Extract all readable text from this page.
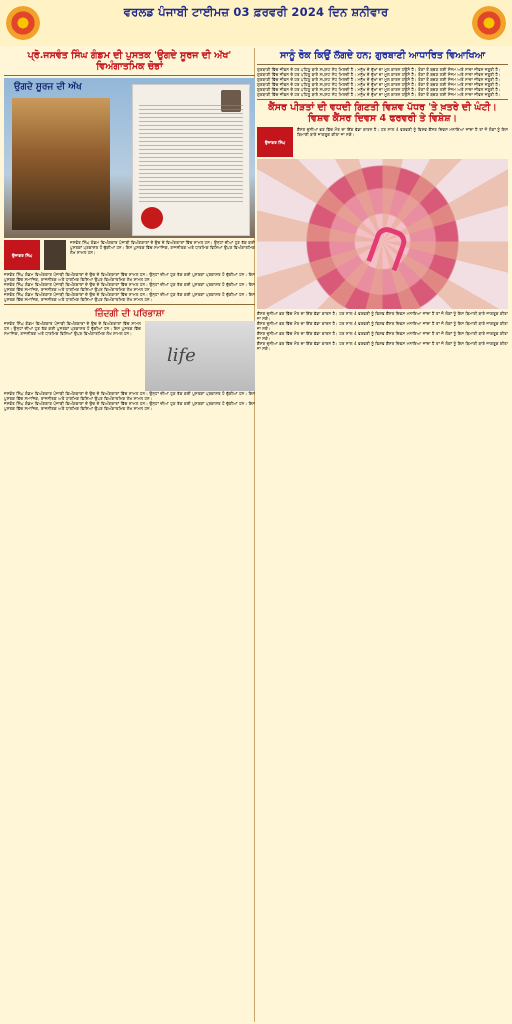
ਵਰਲਡ ਪੰਜਾਬੀ ਟਾਈਮਜ਼ 03 ਫ਼ਰਵਰੀ 2024 ਦਿਨ ਸ਼ਨੀਵਾਰ
ਪ੍ਰੋ.ਜਸਵੰਤ ਸਿੰਘ ਗੰਡਮ ਦੀ ਪੁਸਤਕ 'ਉਗਦੇ ਸੂਰਜ ਦੀ ਅੱਖ' ਵਿਅੰਗਾਤਮਿਕ ਚੋਭਾਂ
ਉਗਦੇ ਸੂਰਜ ਦੀ ਅੱਖ
ਉਜਾਗਰ ਸਿੰਘ
ਜਸਵੰਤ ਸਿੰਘ ਗੰਡਮ ਵਿਅੰਗਕਾਰ ਪੰਜਾਬੀ ਵਿਅੰਗਕਾਰਾਂ ਦੇ ਉਚ ਦੇ ਵਿਅੰਗਕਾਰਾਂ ਵਿੱਚ ਸ਼ਾਮਲ ਹਨ। ਉਨ੍ਹਾਂ ਦੀਆਂ ਹੁਣ ਤੱਕ ਕਈ ਪੁਸਤਕਾਂ ਪ੍ਰਕਾਸ਼ਤ ਹੋ ਚੁੱਕੀਆਂ ਹਨ। ਇਸ ਪੁਸਤਕ ਵਿੱਚ ਸਮਾਜਿਕ, ਰਾਜਨੀਤਕ ਅਤੇ ਧਾਰਮਿਕ ਵਿਸ਼ਿਆਂ ਉਪਰ ਵਿਅੰਗਾਤਮਿਕ ਲੇਖ ਸ਼ਾਮਲ ਹਨ।
ਜਸਵੰਤ ਸਿੰਘ ਗੰਡਮ ਵਿਅੰਗਕਾਰ ਪੰਜਾਬੀ ਵਿਅੰਗਕਾਰਾਂ ਦੇ ਉਚ ਦੇ ਵਿਅੰਗਕਾਰਾਂ ਵਿੱਚ ਸ਼ਾਮਲ ਹਨ। ਉਨ੍ਹਾਂ ਦੀਆਂ ਹੁਣ ਤੱਕ ਕਈ ਪੁਸਤਕਾਂ ਪ੍ਰਕਾਸ਼ਤ ਹੋ ਚੁੱਕੀਆਂ ਹਨ। ਇਸ ਪੁਸਤਕ ਵਿੱਚ ਸਮਾਜਿਕ, ਰਾਜਨੀਤਕ ਅਤੇ ਧਾਰਮਿਕ ਵਿਸ਼ਿਆਂ ਉਪਰ ਵਿਅੰਗਾਤਮਿਕ ਲੇਖ ਸ਼ਾਮਲ ਹਨ।
ਜਸਵੰਤ ਸਿੰਘ ਗੰਡਮ ਵਿਅੰਗਕਾਰ ਪੰਜਾਬੀ ਵਿਅੰਗਕਾਰਾਂ ਦੇ ਉਚ ਦੇ ਵਿਅੰਗਕਾਰਾਂ ਵਿੱਚ ਸ਼ਾਮਲ ਹਨ। ਉਨ੍ਹਾਂ ਦੀਆਂ ਹੁਣ ਤੱਕ ਕਈ ਪੁਸਤਕਾਂ ਪ੍ਰਕਾਸ਼ਤ ਹੋ ਚੁੱਕੀਆਂ ਹਨ। ਇਸ ਪੁਸਤਕ ਵਿੱਚ ਸਮਾਜਿਕ, ਰਾਜਨੀਤਕ ਅਤੇ ਧਾਰਮਿਕ ਵਿਸ਼ਿਆਂ ਉਪਰ ਵਿਅੰਗਾਤਮਿਕ ਲੇਖ ਸ਼ਾਮਲ ਹਨ।
ਜਸਵੰਤ ਸਿੰਘ ਗੰਡਮ ਵਿਅੰਗਕਾਰ ਪੰਜਾਬੀ ਵਿਅੰਗਕਾਰਾਂ ਦੇ ਉਚ ਦੇ ਵਿਅੰਗਕਾਰਾਂ ਵਿੱਚ ਸ਼ਾਮਲ ਹਨ। ਉਨ੍ਹਾਂ ਦੀਆਂ ਹੁਣ ਤੱਕ ਕਈ ਪੁਸਤਕਾਂ ਪ੍ਰਕਾਸ਼ਤ ਹੋ ਚੁੱਕੀਆਂ ਹਨ। ਇਸ ਪੁਸਤਕ ਵਿੱਚ ਸਮਾਜਿਕ, ਰਾਜਨੀਤਕ ਅਤੇ ਧਾਰਮਿਕ ਵਿਸ਼ਿਆਂ ਉਪਰ ਵਿਅੰਗਾਤਮਿਕ ਲੇਖ ਸ਼ਾਮਲ ਹਨ।
ਜ਼ਿੰਦਗੀ ਦੀ ਪਰਿਭਾਸ਼ਾ
ਜਸਵੰਤ ਸਿੰਘ ਗੰਡਮ ਵਿਅੰਗਕਾਰ ਪੰਜਾਬੀ ਵਿਅੰਗਕਾਰਾਂ ਦੇ ਉਚ ਦੇ ਵਿਅੰਗਕਾਰਾਂ ਵਿੱਚ ਸ਼ਾਮਲ ਹਨ। ਉਨ੍ਹਾਂ ਦੀਆਂ ਹੁਣ ਤੱਕ ਕਈ ਪੁਸਤਕਾਂ ਪ੍ਰਕਾਸ਼ਤ ਹੋ ਚੁੱਕੀਆਂ ਹਨ। ਇਸ ਪੁਸਤਕ ਵਿੱਚ ਸਮਾਜਿਕ, ਰਾਜਨੀਤਕ ਅਤੇ ਧਾਰਮਿਕ ਵਿਸ਼ਿਆਂ ਉਪਰ ਵਿਅੰਗਾਤਮਿਕ ਲੇਖ ਸ਼ਾਮਲ ਹਨ।
life
ਜਸਵੰਤ ਸਿੰਘ ਗੰਡਮ ਵਿਅੰਗਕਾਰ ਪੰਜਾਬੀ ਵਿਅੰਗਕਾਰਾਂ ਦੇ ਉਚ ਦੇ ਵਿਅੰਗਕਾਰਾਂ ਵਿੱਚ ਸ਼ਾਮਲ ਹਨ। ਉਨ੍ਹਾਂ ਦੀਆਂ ਹੁਣ ਤੱਕ ਕਈ ਪੁਸਤਕਾਂ ਪ੍ਰਕਾਸ਼ਤ ਹੋ ਚੁੱਕੀਆਂ ਹਨ। ਇਸ ਪੁਸਤਕ ਵਿੱਚ ਸਮਾਜਿਕ, ਰਾਜਨੀਤਕ ਅਤੇ ਧਾਰਮਿਕ ਵਿਸ਼ਿਆਂ ਉਪਰ ਵਿਅੰਗਾਤਮਿਕ ਲੇਖ ਸ਼ਾਮਲ ਹਨ।
ਜਸਵੰਤ ਸਿੰਘ ਗੰਡਮ ਵਿਅੰਗਕਾਰ ਪੰਜਾਬੀ ਵਿਅੰਗਕਾਰਾਂ ਦੇ ਉਚ ਦੇ ਵਿਅੰਗਕਾਰਾਂ ਵਿੱਚ ਸ਼ਾਮਲ ਹਨ। ਉਨ੍ਹਾਂ ਦੀਆਂ ਹੁਣ ਤੱਕ ਕਈ ਪੁਸਤਕਾਂ ਪ੍ਰਕਾਸ਼ਤ ਹੋ ਚੁੱਕੀਆਂ ਹਨ। ਇਸ ਪੁਸਤਕ ਵਿੱਚ ਸਮਾਜਿਕ, ਰਾਜਨੀਤਕ ਅਤੇ ਧਾਰਮਿਕ ਵਿਸ਼ਿਆਂ ਉਪਰ ਵਿਅੰਗਾਤਮਿਕ ਲੇਖ ਸ਼ਾਮਲ ਹਨ।
ਸਾਨੂੰ ਰੋਕ ਕਿਉਂ ਲੱਗਦੇ ਹਨ; ਗੁਰਬਾਣੀ ਆਧਾਰਿਤ ਵਿਆਖਿਆ
ਗੁਰਬਾਣੀ ਵਿੱਚ ਜੀਵਨ ਦੇ ਹਰ ਪਹਿਲੂ ਬਾਰੇ ਸਪਸ਼ਟ ਸੇਧ ਮਿਲਦੀ ਹੈ। ਮਨੁੱਖ ਦੇ ਦੁੱਖਾਂ ਦਾ ਮੂਲ ਕਾਰਨ ਹਉਮੈ ਹੈ। ਰੋਗਾਂ ਤੋਂ ਬਚਣ ਲਈ ਸੰਜਮ ਅਤੇ ਸਾਦਾ ਜੀਵਨ ਜ਼ਰੂਰੀ ਹੈ।
ਗੁਰਬਾਣੀ ਵਿੱਚ ਜੀਵਨ ਦੇ ਹਰ ਪਹਿਲੂ ਬਾਰੇ ਸਪਸ਼ਟ ਸੇਧ ਮਿਲਦੀ ਹੈ। ਮਨੁੱਖ ਦੇ ਦੁੱਖਾਂ ਦਾ ਮੂਲ ਕਾਰਨ ਹਉਮੈ ਹੈ। ਰੋਗਾਂ ਤੋਂ ਬਚਣ ਲਈ ਸੰਜਮ ਅਤੇ ਸਾਦਾ ਜੀਵਨ ਜ਼ਰੂਰੀ ਹੈ।
ਗੁਰਬਾਣੀ ਵਿੱਚ ਜੀਵਨ ਦੇ ਹਰ ਪਹਿਲੂ ਬਾਰੇ ਸਪਸ਼ਟ ਸੇਧ ਮਿਲਦੀ ਹੈ। ਮਨੁੱਖ ਦੇ ਦੁੱਖਾਂ ਦਾ ਮੂਲ ਕਾਰਨ ਹਉਮੈ ਹੈ। ਰੋਗਾਂ ਤੋਂ ਬਚਣ ਲਈ ਸੰਜਮ ਅਤੇ ਸਾਦਾ ਜੀਵਨ ਜ਼ਰੂਰੀ ਹੈ।
ਗੁਰਬਾਣੀ ਵਿੱਚ ਜੀਵਨ ਦੇ ਹਰ ਪਹਿਲੂ ਬਾਰੇ ਸਪਸ਼ਟ ਸੇਧ ਮਿਲਦੀ ਹੈ। ਮਨੁੱਖ ਦੇ ਦੁੱਖਾਂ ਦਾ ਮੂਲ ਕਾਰਨ ਹਉਮੈ ਹੈ। ਰੋਗਾਂ ਤੋਂ ਬਚਣ ਲਈ ਸੰਜਮ ਅਤੇ ਸਾਦਾ ਜੀਵਨ ਜ਼ਰੂਰੀ ਹੈ।
ਗੁਰਬਾਣੀ ਵਿੱਚ ਜੀਵਨ ਦੇ ਹਰ ਪਹਿਲੂ ਬਾਰੇ ਸਪਸ਼ਟ ਸੇਧ ਮਿਲਦੀ ਹੈ। ਮਨੁੱਖ ਦੇ ਦੁੱਖਾਂ ਦਾ ਮੂਲ ਕਾਰਨ ਹਉਮੈ ਹੈ। ਰੋਗਾਂ ਤੋਂ ਬਚਣ ਲਈ ਸੰਜਮ ਅਤੇ ਸਾਦਾ ਜੀਵਨ ਜ਼ਰੂਰੀ ਹੈ।
ਗੁਰਬਾਣੀ ਵਿੱਚ ਜੀਵਨ ਦੇ ਹਰ ਪਹਿਲੂ ਬਾਰੇ ਸਪਸ਼ਟ ਸੇਧ ਮਿਲਦੀ ਹੈ। ਮਨੁੱਖ ਦੇ ਦੁੱਖਾਂ ਦਾ ਮੂਲ ਕਾਰਨ ਹਉਮੈ ਹੈ। ਰੋਗਾਂ ਤੋਂ ਬਚਣ ਲਈ ਸੰਜਮ ਅਤੇ ਸਾਦਾ ਜੀਵਨ ਜ਼ਰੂਰੀ ਹੈ।
ਕੈਂਸਰ ਪੀੜਤਾਂ ਦੀ ਵਧਦੀ ਗਿਣਤੀ ਵਿਸ਼ਵ ਪੱਧਰ 'ਤੇ ਖ਼ਤਰੇ ਦੀ ਘੰਟੀ। ਵਿਸ਼ਵ ਕੈਂਸਰ ਦਿਵਸ 4 ਫਰਵਰੀ ਤੇ ਵਿਸ਼ੇਸ਼।
ਉਜਾਗਰ ਸਿੰਘ
ਕੈਂਸਰ ਦੁਨੀਆਂ ਭਰ ਵਿੱਚ ਮੌਤ ਦਾ ਇੱਕ ਵੱਡਾ ਕਾਰਨ ਹੈ। ਹਰ ਸਾਲ 4 ਫਰਵਰੀ ਨੂੰ ਵਿਸ਼ਵ ਕੈਂਸਰ ਦਿਵਸ ਮਨਾਇਆ ਜਾਂਦਾ ਹੈ ਤਾਂ ਜੋ ਲੋਕਾਂ ਨੂੰ ਇਸ ਬਿਮਾਰੀ ਬਾਰੇ ਜਾਗਰੂਕ ਕੀਤਾ ਜਾ ਸਕੇ।
ਕੈਂਸਰ ਦੁਨੀਆਂ ਭਰ ਵਿੱਚ ਮੌਤ ਦਾ ਇੱਕ ਵੱਡਾ ਕਾਰਨ ਹੈ। ਹਰ ਸਾਲ 4 ਫਰਵਰੀ ਨੂੰ ਵਿਸ਼ਵ ਕੈਂਸਰ ਦਿਵਸ ਮਨਾਇਆ ਜਾਂਦਾ ਹੈ ਤਾਂ ਜੋ ਲੋਕਾਂ ਨੂੰ ਇਸ ਬਿਮਾਰੀ ਬਾਰੇ ਜਾਗਰੂਕ ਕੀਤਾ ਜਾ ਸਕੇ।
ਕੈਂਸਰ ਦੁਨੀਆਂ ਭਰ ਵਿੱਚ ਮੌਤ ਦਾ ਇੱਕ ਵੱਡਾ ਕਾਰਨ ਹੈ। ਹਰ ਸਾਲ 4 ਫਰਵਰੀ ਨੂੰ ਵਿਸ਼ਵ ਕੈਂਸਰ ਦਿਵਸ ਮਨਾਇਆ ਜਾਂਦਾ ਹੈ ਤਾਂ ਜੋ ਲੋਕਾਂ ਨੂੰ ਇਸ ਬਿਮਾਰੀ ਬਾਰੇ ਜਾਗਰੂਕ ਕੀਤਾ ਜਾ ਸਕੇ।
ਕੈਂਸਰ ਦੁਨੀਆਂ ਭਰ ਵਿੱਚ ਮੌਤ ਦਾ ਇੱਕ ਵੱਡਾ ਕਾਰਨ ਹੈ। ਹਰ ਸਾਲ 4 ਫਰਵਰੀ ਨੂੰ ਵਿਸ਼ਵ ਕੈਂਸਰ ਦਿਵਸ ਮਨਾਇਆ ਜਾਂਦਾ ਹੈ ਤਾਂ ਜੋ ਲੋਕਾਂ ਨੂੰ ਇਸ ਬਿਮਾਰੀ ਬਾਰੇ ਜਾਗਰੂਕ ਕੀਤਾ ਜਾ ਸਕੇ।
ਕੈਂਸਰ ਦੁਨੀਆਂ ਭਰ ਵਿੱਚ ਮੌਤ ਦਾ ਇੱਕ ਵੱਡਾ ਕਾਰਨ ਹੈ। ਹਰ ਸਾਲ 4 ਫਰਵਰੀ ਨੂੰ ਵਿਸ਼ਵ ਕੈਂਸਰ ਦਿਵਸ ਮਨਾਇਆ ਜਾਂਦਾ ਹੈ ਤਾਂ ਜੋ ਲੋਕਾਂ ਨੂੰ ਇਸ ਬਿਮਾਰੀ ਬਾਰੇ ਜਾਗਰੂਕ ਕੀਤਾ ਜਾ ਸਕੇ।
